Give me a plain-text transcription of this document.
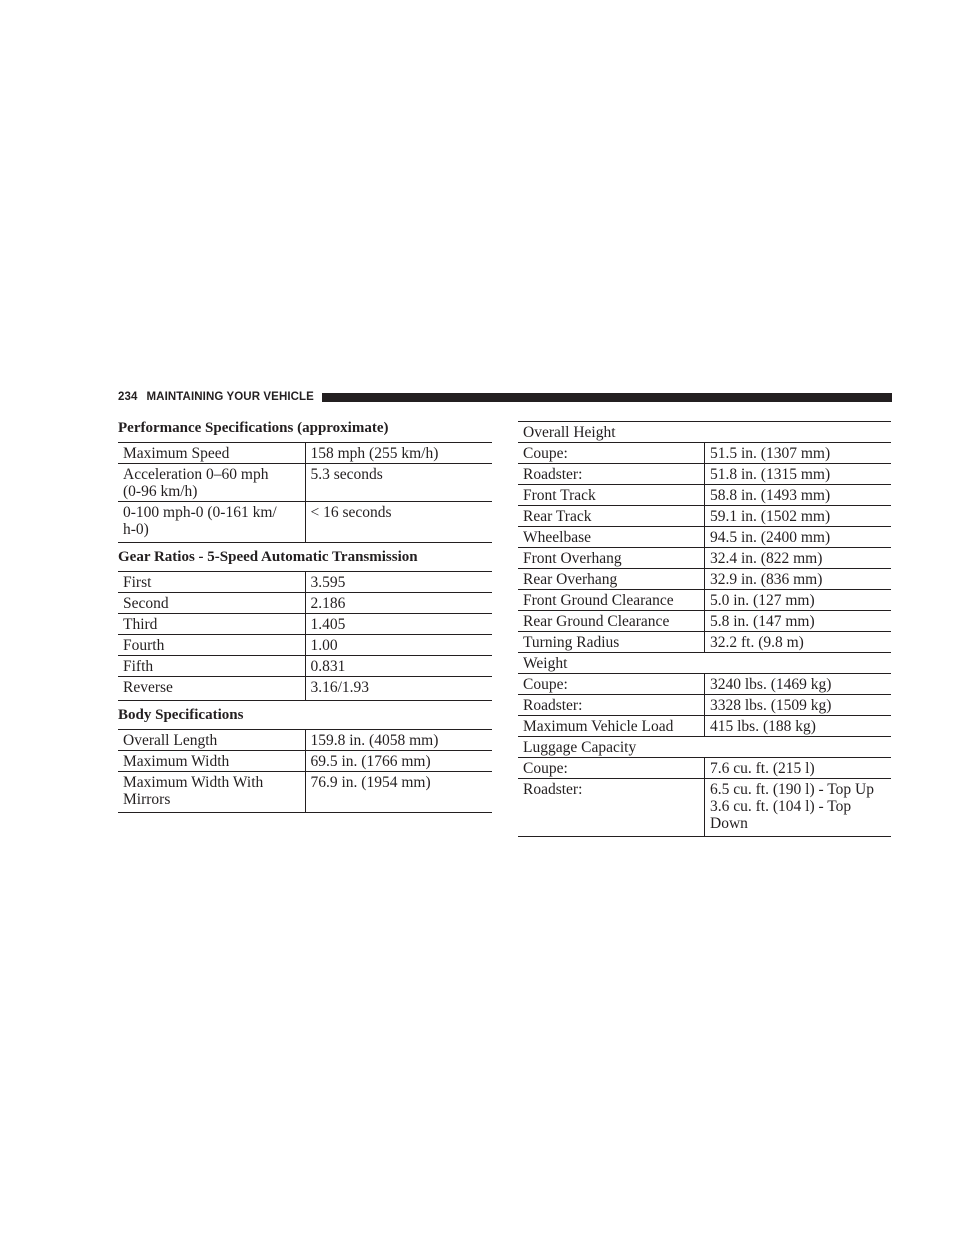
234 MAINTAINING YOUR VEHICLE
Performance Specifications (approximate)
Maximum Speed	158 mph (255 km/h)

Acceleration 0–60 mph
(0-96 km/h)	5.3 seconds

0-100 mph-0 (0-161 km/
h-0)	< 16 seconds
Gear Ratios - 5-Speed Automatic Transmission
First	3.595
Second	2.186
Third	1.405
Fourth	1.00
Fifth	0.831
Reverse	3.16/1.93
Body Specifications
Overall Length	159.8 in. (4058 mm)
Maximum Width	69.5 in. (1766 mm)

Maximum Width With
Mirrors	76.9 in. (1954 mm)
Overall Height	
Coupe:	51.5 in. (1307 mm)
Roadster:	51.8 in. (1315 mm)
Front Track	58.8 in. (1493 mm)
Rear Track	59.1 in. (1502 mm)
Wheelbase	94.5 in. (2400 mm)
Front Overhang	32.4 in. (822 mm)
Rear Overhang	32.9 in. (836 mm)
Front Ground Clearance	5.0 in. (127 mm)
Rear Ground Clearance	5.8 in. (147 mm)
Turning Radius	32.2 ft. (9.8 m)
Weight	
Coupe:	3240 lbs. (1469 kg)
Roadster:	3328 lbs. (1509 kg)
Maximum Vehicle Load	415 lbs. (188 kg)
Luggage Capacity	
Coupe:	7.6 cu. ft. (215 l)
Roadster:	6.5 cu. ft. (190 l) - Top Up
3.6 cu. ft. (104 l) - Top
Down
